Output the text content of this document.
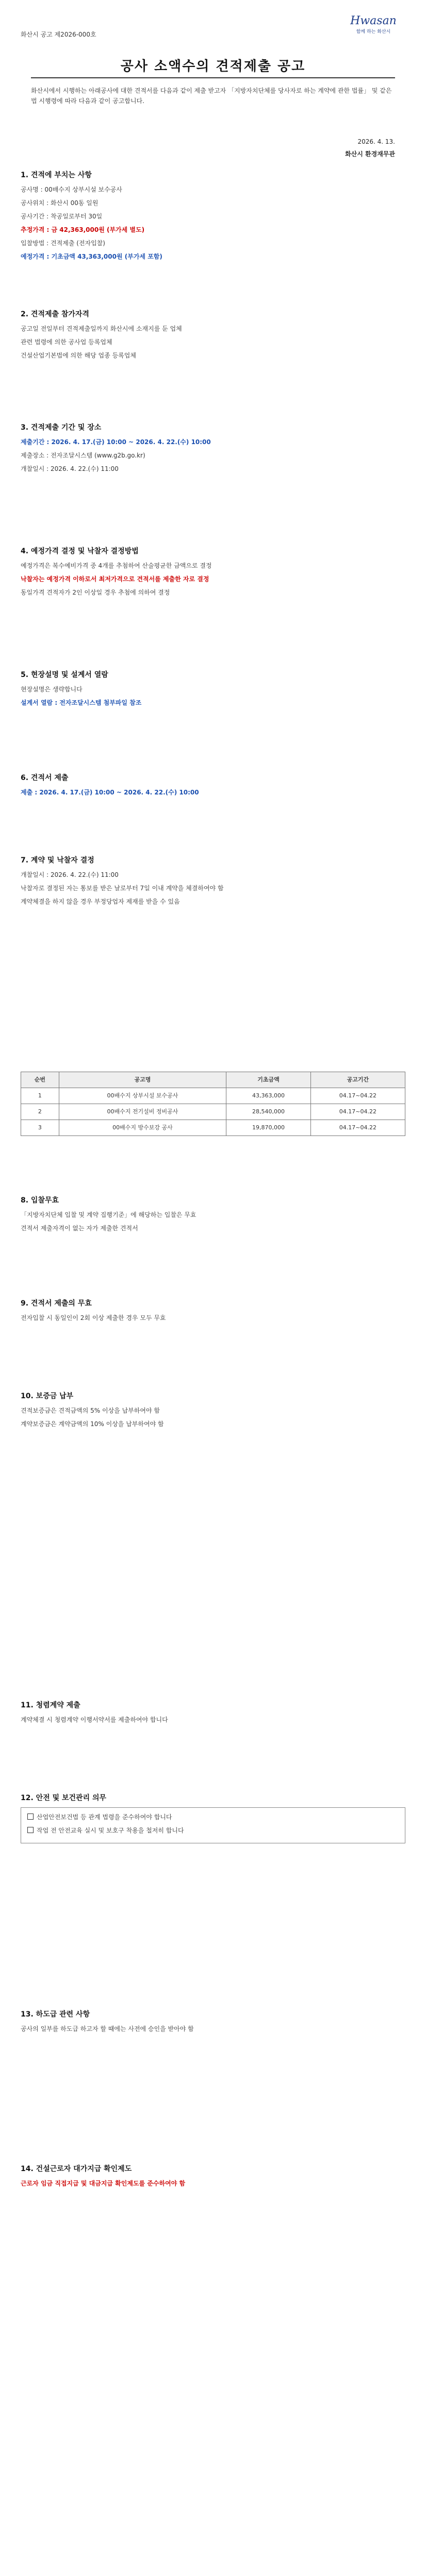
화산시 공고 제2026-000호
Hwasan
함께 하는 화산시
공사 소액수의 견적제출 공고
화산시에서 시행하는 아래공사에 대한 견적서를 다음과 같이 제출 받고자 「지방자치단체를 당사자로 하는 계약에 관한 법률」 및 같은 법 시행령에 따라 다음과 같이 공고합니다.
2026. 4. 13.
화산시 환경재무관
1. 견적에 부치는 사항

공사명 : 00배수지 상부시설 보수공사

공사위치 : 화산시 00동 일원

공사기간 : 착공일로부터 30일

추정가격 : 금 42,363,000원 (부가세 별도)

입찰방법 : 견적제출 (전자입찰)

예정가격 : 기초금액 43,363,000원 (부가세 포함)

2. 견적제출 참가자격

공고일 전일부터 견적제출일까지 화산시에 소재지를 둔 업체

관련 법령에 의한 공사업 등록업체

건설산업기본법에 의한 해당 업종 등록업체

3. 견적제출 기간 및 장소

제출기간 : 2026. 4. 17.(금) 10:00 ~ 2026. 4. 22.(수) 10:00

제출장소 : 전자조달시스템 (www.g2b.go.kr)

개찰일시 : 2026. 4. 22.(수) 11:00

4. 예정가격 결정 및 낙찰자 결정방법

예정가격은 복수예비가격 중 4개를 추첨하여 산술평균한 금액으로 결정

낙찰자는 예정가격 이하로서 최저가격으로 견적서를 제출한 자로 결정

동일가격 견적자가 2인 이상일 경우 추첨에 의하여 결정

5. 현장설명 및 설계서 열람

현장설명은 생략합니다

설계서 열람 : 전자조달시스템 첨부파일 참조

6. 견적서 제출

제출 : 2026. 4. 17.(금) 10:00 ~ 2026. 4. 22.(수) 10:00

7. 계약 및 낙찰자 결정

개찰일시 : 2026. 4. 22.(수) 11:00

낙찰자로 결정된 자는 통보를 받은 날로부터 7일 이내 계약을 체결하여야 함

계약체결을 하지 않을 경우 부정당업자 제재를 받을 수 있음

순번	공고명	기초금액	공고기간
1	00배수지 상부시설 보수공사	43,363,000	04.17~04.22
2	00배수지 전기설비 정비공사	28,540,000	04.17~04.22
3	00배수지 방수보강 공사	19,870,000	04.17~04.22
8. 입찰무효

「지방자치단체 입찰 및 계약 집행기준」에 해당하는 입찰은 무효

견적서 제출자격이 없는 자가 제출한 견적서

9. 견적서 제출의 무효

전자입찰 시 동일인이 2회 이상 제출한 경우 모두 무효

10. 보증금 납부

견적보증금은 견적금액의 5% 이상을 납부하여야 함

계약보증금은 계약금액의 10% 이상을 납부하여야 함

11. 청렴계약 제출

계약체결 시 청렴계약 이행서약서를 제출하여야 합니다

12. 안전 및 보건관리 의무

산업안전보건법 등 관계 법령을 준수하여야 합니다

작업 전 안전교육 실시 및 보호구 착용을 철저히 합니다

13. 하도급 관련 사항

공사의 일부를 하도급 하고자 할 때에는 사전에 승인을 받아야 함

14. 건설근로자 대가지급 확인제도

근로자 임금 직접지급 및 대금지급 확인제도를 준수하여야 함
